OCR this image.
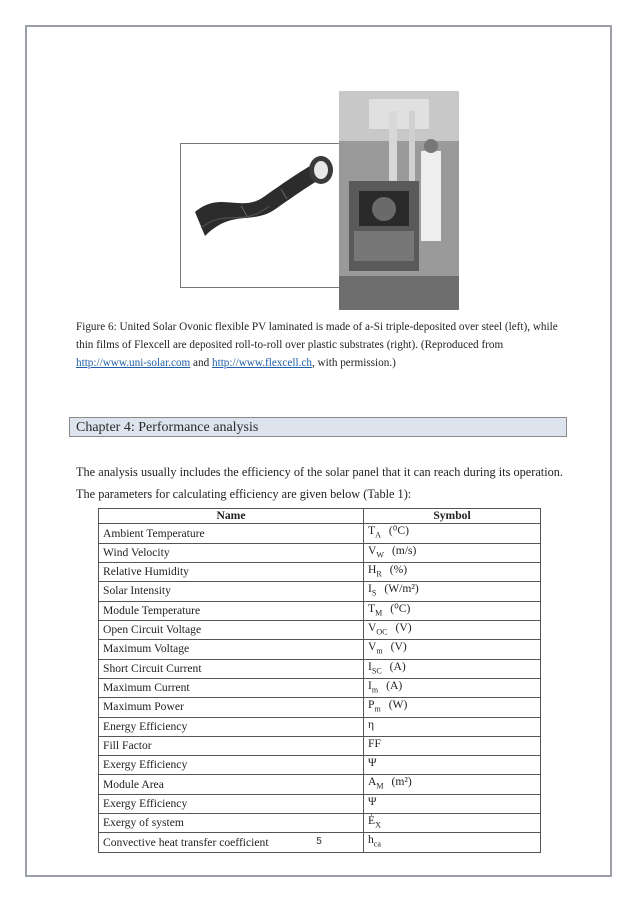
Figure 6: United Solar Ovonic flexible PV laminated is made of a-Si triple-deposited over steel (left), while thin films of Flexcell are deposited roll-to-roll over plastic substrates (right). (Reproduced from http://www.uni-solar.com and http://www.flexcell.ch, with permission.)
Chapter 4: Performance analysis
The analysis usually includes the efficiency of the solar panel that it can reach during its operation. The parameters for calculating efficiency are given below (Table 1):
Name	Symbol
Ambient Temperature	$T_A$ (⁰C)
Wind Velocity	$V_W$ (m/s)
Relative Humidity	$H_R$ (%)
Solar Intensity	$I_S$ (W/m²)
Module Temperature	$T_M$ (⁰C)
Open Circuit Voltage	$V_{OC}$ (V)
Maximum Voltage	$V_m$ (V)
Short Circuit Current	$I_{SC}$ (A)
Maximum Current	$I_m$ (A)
Maximum Power	$P_m$ (W)
Energy Efficiency	η
Fill Factor	FF
Exergy Efficiency	Ψ
Module Area	$A_M$ (m²)
Exergy Efficiency	Ψ
Exergy of system	$Ė_X$
Convective heat transfer coefficient	$h_{ca}$
5
